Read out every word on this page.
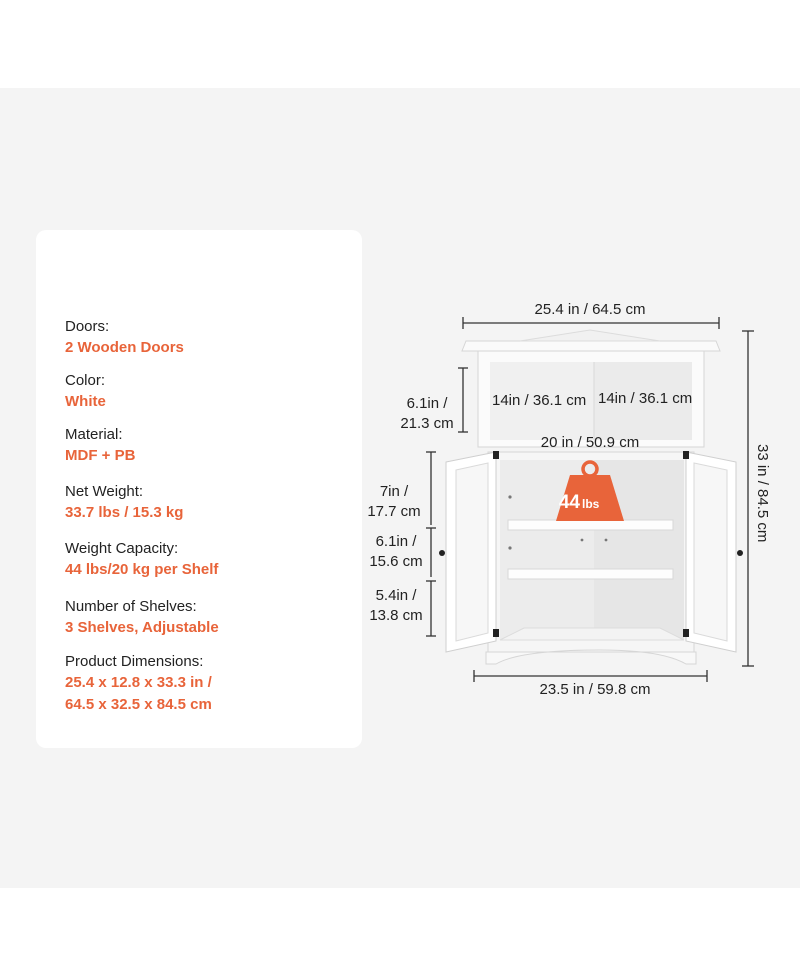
Doors:
2 Wooden Doors
Color:
White
Material:
MDF + PB
Net Weight:
33.7 lbs / 15.3 kg
Weight Capacity:
44 lbs/20 kg per Shelf
Number of Shelves:
3 Shelves, Adjustable
Product Dimensions:
25.4 x 12.8 x 33.3 in /
64.5 x 32.5 x 84.5 cm
44 lbs
25.4 in / 64.5 cm
6.1in /
21.3 cm
14in / 36.1 cm 14in / 36.1 cm
20 in / 50.9 cm
7in /
17.7 cm
6.1in /
15.6 cm
5.4in /
13.8 cm
33 in / 84.5 cm
23.5 in / 59.8 cm
